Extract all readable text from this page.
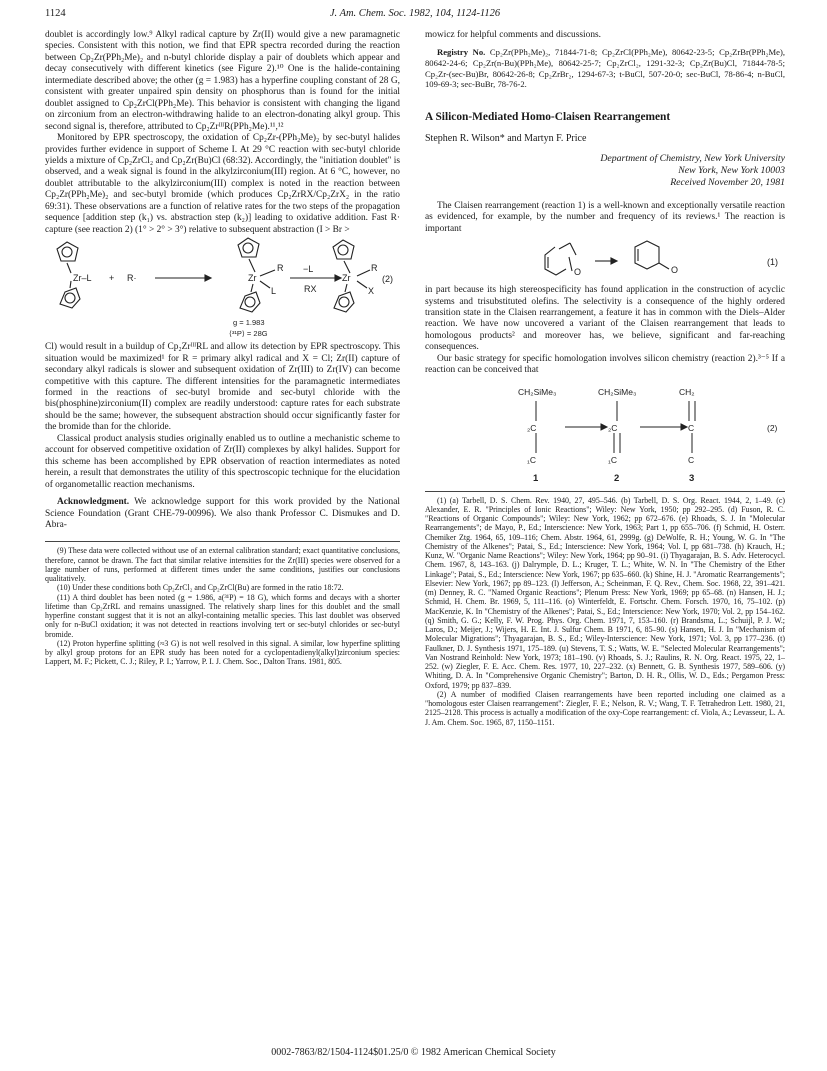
1124	J. Am. Chem. Soc. 1982, 104, 1124-1126

doublet is accordingly low.⁹ Alkyl radical capture by Zr(II) would give a new paramagnetic species. Consistent with this notion, we find that EPR spectra recorded during the reaction between Cp₂Zr(PPh₂Me)₂ and n-butyl chloride display a pair of doublets which appear and decay consecutively with different kinetics (see Figure 2).¹⁰ One is the halide-containing intermediate described above; the other (g = 1.983) has a hyperfine coupling constant of 28 G, consistent with greater unpaired spin density on phosphorus than is found for the initial doublet assigned to Cp₂ZrCl(PPh₂Me). This behavior is consistent with changing the ligand on zirconium from an electron-withdrawing halide to an electron-donating alkyl group. This second signal is, therefore, attributed to Cp₂ZrᴵᴵᴵR(PPh₂Me).¹¹,¹²

Monitored by EPR spectroscopy, the oxidation of Cp₂Zr-(PPh₂Me)₂ by sec-butyl halides provides further evidence in support of Scheme I. At 29 °C reaction with sec-butyl chloride yields a mixture of Cp₂ZrCl₂ and Cp₂Zr(Bu)Cl (68:32). Accordingly, the "initiation doublet" is observed, and a weak signal is found in the alkylzirconium(III) region. At 6 °C, however, no doublet attributable to the alkylzirconium(III) complex is noted in the reaction between Cp₂Zr(PPh₂Me)₂ and sec-butyl bromide (which produces Cp₂ZrRX/Cp₂ZrX₂ in the ratio 69:31). These observations are a function of relative rates for the two steps of the propagation sequence [addition step (k₁) vs. abstraction step (k₂)] leading to oxidative addition. Fast R· capture (see reaction 2) (1° > 2° > 3°) relative to subsequent abstraction (I > Br >

Zr–L + R·	Zr
R
L
−L
RX
Zr
R
X
(2)
g = 1.983
⟨³¹P⟩ = 28G

Cl) would result in a buildup of Cp₂ZrᴵᴵᴵRL and allow its detection by EPR spectroscopy. This situation would be maximized¹ for R = primary alkyl radical and X = Cl; Zr(II) capture of secondary alkyl radicals is slower and subsequent oxidation of Zr(III) to Zr(IV) can become competitive with this capture. The different intensities for the paramagnetic intermediates formed in the reactions of sec-butyl bromide and sec-butyl chloride with the bis(phosphine)zirconium(II) complex are readily understood: capture rates for each substrate should be the same; however, the subsequent abstraction should occur significantly faster for the bromide than for the chloride.

Classical product analysis studies originally enabled us to outline a mechanistic scheme to account for observed competitive oxidation of Zr(II) complexes by alkyl halides. Support for this scheme has been accomplished by EPR observation of reaction intermediates as noted herein, a result that demonstrates the utility of this spectroscopic technique for the elucidation of organometallic reaction mechanisms.

Acknowledgment. We acknowledge support for this work provided by the National Science Foundation (Grant CHE-79-00996). We also thank Professor C. Dismukes and D. Abra-

(9) These data were collected without use of an external calibration standard; exact quantitative conclusions, therefore, cannot be drawn. The fact that similar relative intensities for the Zr(III) species were observed for a large number of runs, performed at different times under the same conditions, justifies our conclusions qualitatively.

(10) Under these conditions both Cp₂ZrCl₂ and Cp₂ZrCl(Bu) are formed in the ratio 18:72.

(11) A third doublet has been noted (g = 1.986, a(³¹P) = 18 G), which forms and decays with a shorter lifetime than Cp₂ZrRL and remains unassigned. The relatively sharp lines for this doublet and the small hyperfine constant suggest that it is not an alkyl-containing metallic species. This last doublet was observed only for n-BuCl oxidation; it was not detected in reactions involving tert or sec-butyl chlorides or sec-butyl bromide.

(12) Proton hyperfine splitting (≈3 G) is not well resolved in this signal. A similar, low hyperfine splitting by alkyl group protons for an EPR study has been noted for a cyclopentadienyl(alkyl)zirconium species: Lappert, M. F.; Pickett, C. J.; Riley, P. I.; Yarrow, P. I. J. Chem. Soc., Dalton Trans. 1981, 805.

mowicz for helpful comments and discussions.

Registry No. Cp₂Zr(PPh₂Me)₂, 71844-71-8; Cp₂ZrCl(PPh₂Me), 80642-23-5; Cp₂ZrBr(PPh₂Me), 80642-24-6; Cp₂Zr(n-Bu)(PPh₂Me), 80642-25-7; Cp₂ZrCl₂, 1291-32-3; Cp₂Zr(Bu)Cl, 71844-78-5; Cp₂Zr-(sec-Bu)Br, 80642-26-8; Cp₂ZrBr₂, 1294-67-3; t-BuCl, 507-20-0; sec-BuCl, 78-86-4; n-BuCl, 109-69-3; sec-BuBr, 78-76-2.

A Silicon-Mediated Homo-Claisen Rearrangement
Stephen R. Wilson* and Martyn F. Price
Department of Chemistry, New York University
New York, New York 10003
Received November 20, 1981

The Claisen rearrangement (reaction 1) is a well-known and exceptionally versatile reaction as evidenced, for example, by the number and frequency of its reviews.¹ The reaction is important

O	O
(1)

in part because its high stereospecificity has found application in the construction of acyclic systems and trisubstituted olefins. The selectivity is a consequence of the highly ordered transition state in the Claisen rearrangement, a feature it has in common with the Diels–Alder reaction. We have now uncovered a variant of the Claisen rearrangement that leads to homologous products² and moreover has, we believe, significant and far-reaching consequences.

Our basic strategy for specific homologation involves silicon chemistry (reaction 2).³⁻⁵ If a reaction can be conceived that

CH₂SiMe₃	CH₂SiMe₃	CH₂
₂C	₂C	C
₁C	₁C	C
(2)
1	2	3

(1) (a) Tarbell, D. S. Chem. Rev. 1940, 27, 495–546. (b) Tarbell, D. S. Org. React. 1944, 2, 1–49. (c) Alexander, E. R. "Principles of Ionic Reactions"; Wiley: New York, 1950; pp 292–295. (d) Fuson, R. C. "Reactions of Organic Compounds"; Wiley: New York, 1962; pp 672–676. (e) Rhoads, S. J. In "Molecular Rearrangements"; de Mayo, P., Ed.; Interscience: New York, 1963; Part 1, pp 655–706. (f) Schmid, H. Osterr. Chemiker Ztg. 1964, 65, 109–116; Chem. Abstr. 1964, 61, 2999g. (g) DeWolfe, R. H.; Young, W. G. In "The Chemistry of the Alkenes"; Patai, S., Ed.; Interscience: New York, 1964; Vol. I, pp 681–738. (h) Krauch, H.; Kunz, W. "Organic Name Reactions"; Wiley: New York, 1964; pp 90–91. (i) Thyagarajan, B. S. Adv. Heterocycl. Chem. 1967, 8, 143–163. (j) Dalrymple, D. L.; Kruger, T. L.; White, W. N. In "The Chemistry of the Ether Linkage"; Patai, S., Ed.; Interscience: New York, 1967; pp 635–660. (k) Shine, H. J. "Aromatic Rearrangements"; Elsevier: New York, 1967; pp 89–123. (l) Jefferson, A.; Scheinman, F. Q. Rev., Chem. Soc. 1968, 22, 391–421. (m) Denney, R. C. "Named Organic Reactions"; Plenum Press: New York, 1969; pp 65–68. (n) Hansen, H. J.; Schmid, H. Chem. Br. 1969, 5, 111–116. (o) Winterfeldt, E. Fortschr. Chem. Forsch. 1970, 16, 75–102. (p) MacKenzie, K. In "Chemistry of the Alkenes"; Patai, S., Ed.; Interscience: New York, 1970; Vol. 2, pp 154–162. (q) Smith, G. G.; Kelly, F. W. Prog. Phys. Org. Chem. 1971, 7, 153–160. (r) Brandsma, L.; Schuijl, P. J. W.; Laros, D.; Meijer, J.; Wijers, H. E. Int. J. Sulfur Chem. B 1971, 6, 85–90. (s) Hansen, H. J. In "Mechanism of Molecular Migrations"; Thyagarajan, B. S., Ed.; Wiley-Interscience: New York, 1971; Vol. 3, pp 177–236. (t) Faulkner, D. J. Synthesis 1971, 175–189. (u) Stevens, T. S.; Watts, W. E. "Selected Molecular Rearrangements"; Van Nostrand Reinhold: New York, 1973; 181–190. (v) Rhoads, S. J.; Raulins, R. N. Org. React. 1975, 22, 1–252. (w) Ziegler, F. E. Acc. Chem. Res. 1977, 10, 227–232. (x) Bennett, G. B. Synthesis 1977, 589–606. (y) Whiting, D. A. In "Comprehensive Organic Chemistry"; Barton, D. H. R., Ollis, W. D., Eds.; Pergamon Press: Oxford, 1979; pp 837–839.

(2) A number of modified Claisen rearrangements have been reported including one claimed as a "homologous ester Claisen rearrangement": Ziegler, F. E.; Nelson, R. V.; Wang, T. F. Tetrahedron Lett. 1980, 21, 2125–2128. This process is actually a modification of the oxy-Cope rearrangement: cf. Viola, A.; Levasseur, L. A. J. Am. Chem. Soc. 1965, 87, 1150–1151.

0002-7863/82/1504-1124$01.25/0 © 1982 American Chemical Society
